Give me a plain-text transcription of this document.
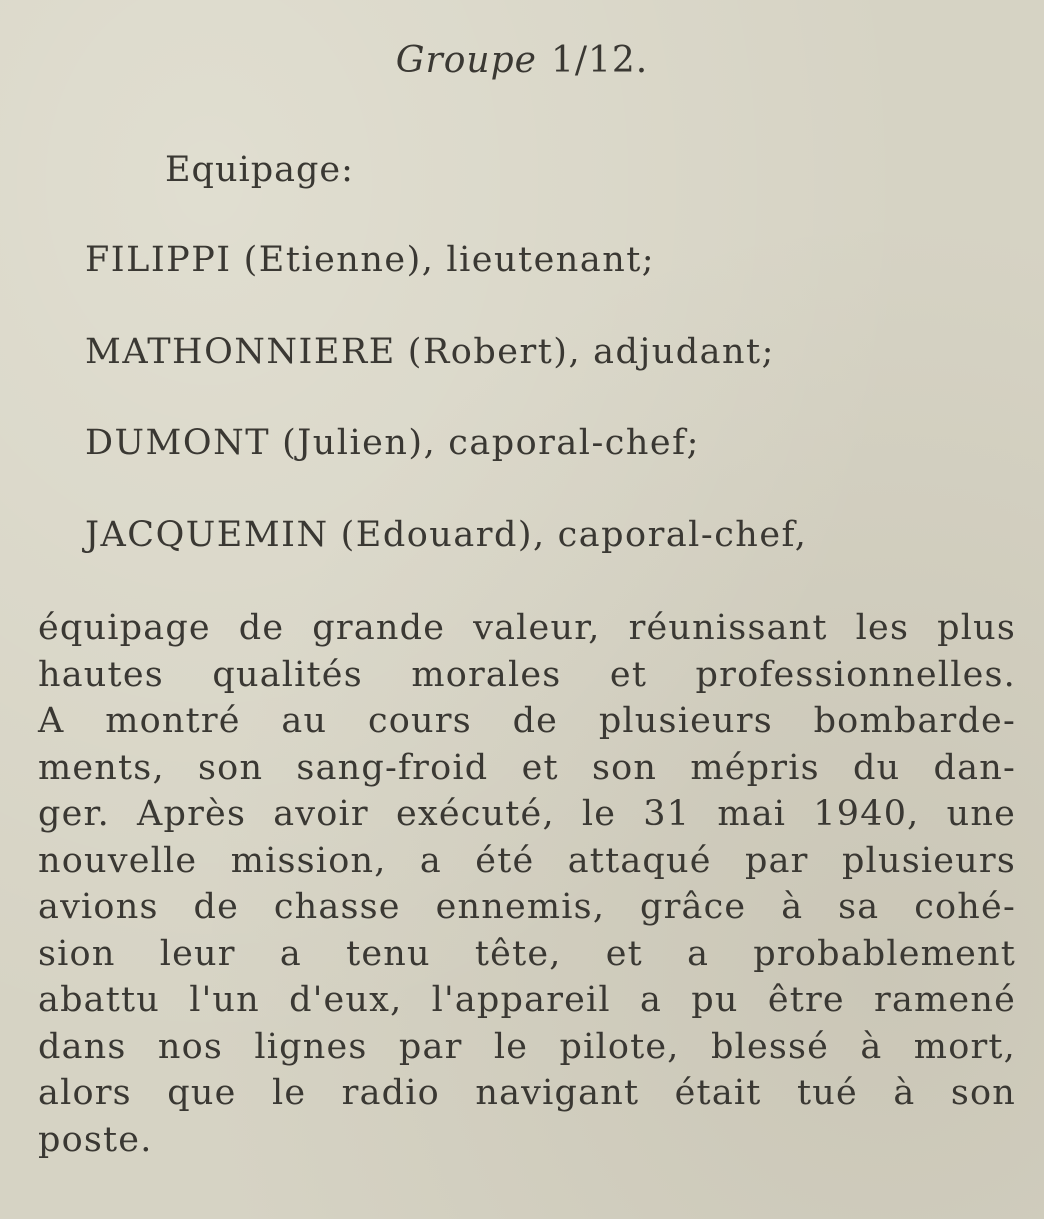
Groupe 1/12.
Equipage:
FILIPPI (Etienne), lieutenant;
MATHONNIERE (Robert), adjudant;
DUMONT (Julien), caporal-chef;
JACQUEMIN (Edouard), caporal-chef,
équipage de grande valeur, réunissant les plus
hautes qualités morales et professionnelles.
A montré au cours de plusieurs bombarde-
ments, son sang-froid et son mépris du dan-
ger. Après avoir exécuté, le 31 mai 1940, une
nouvelle mission, a été attaqué par plusieurs
avions de chasse ennemis, grâce à sa cohé-
sion leur a tenu tête, et a probablement
abattu l'un d'eux, l'appareil a pu être ramené
dans nos lignes par le pilote, blessé à mort,
alors que le radio navigant était tué à son
poste.
